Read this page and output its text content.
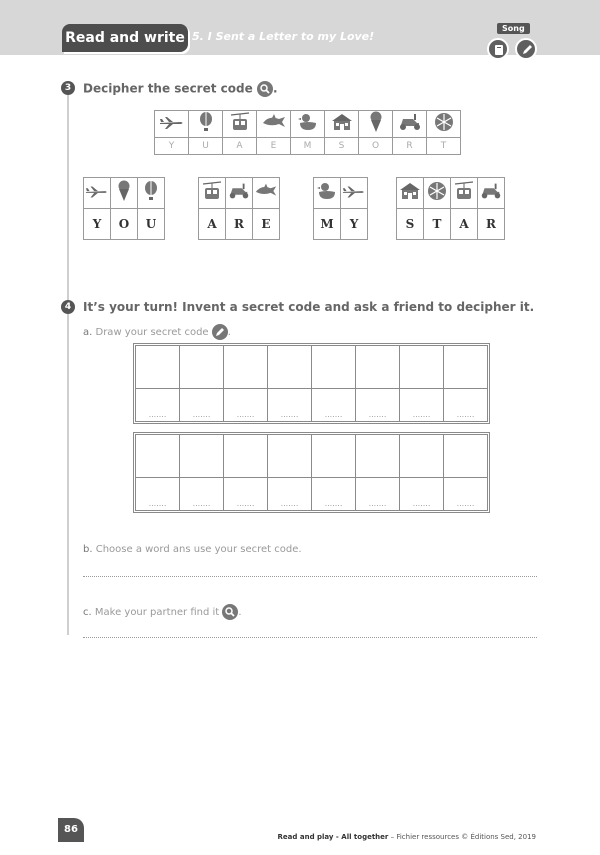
Read and write 5. I Sent a Letter to my Love!
Song
3 Decipher the secret code .

Y	U	A	E	M	S	O	R	T

Y	O	U
			A	R	E
		M	Y
				S	T	A	R
4 It’s your turn! Invent a secret code and ask a friend to decipher it.
a. Draw your secret code .

.......	.......	.......	.......	.......	.......	.......	.......

.......	.......	.......	.......	.......	.......	.......	.......
b. Choose a word ans use your secret code.
c. Make your partner find it .
86
Read and play - All together – Fichier ressources © Éditions Sed, 2019
